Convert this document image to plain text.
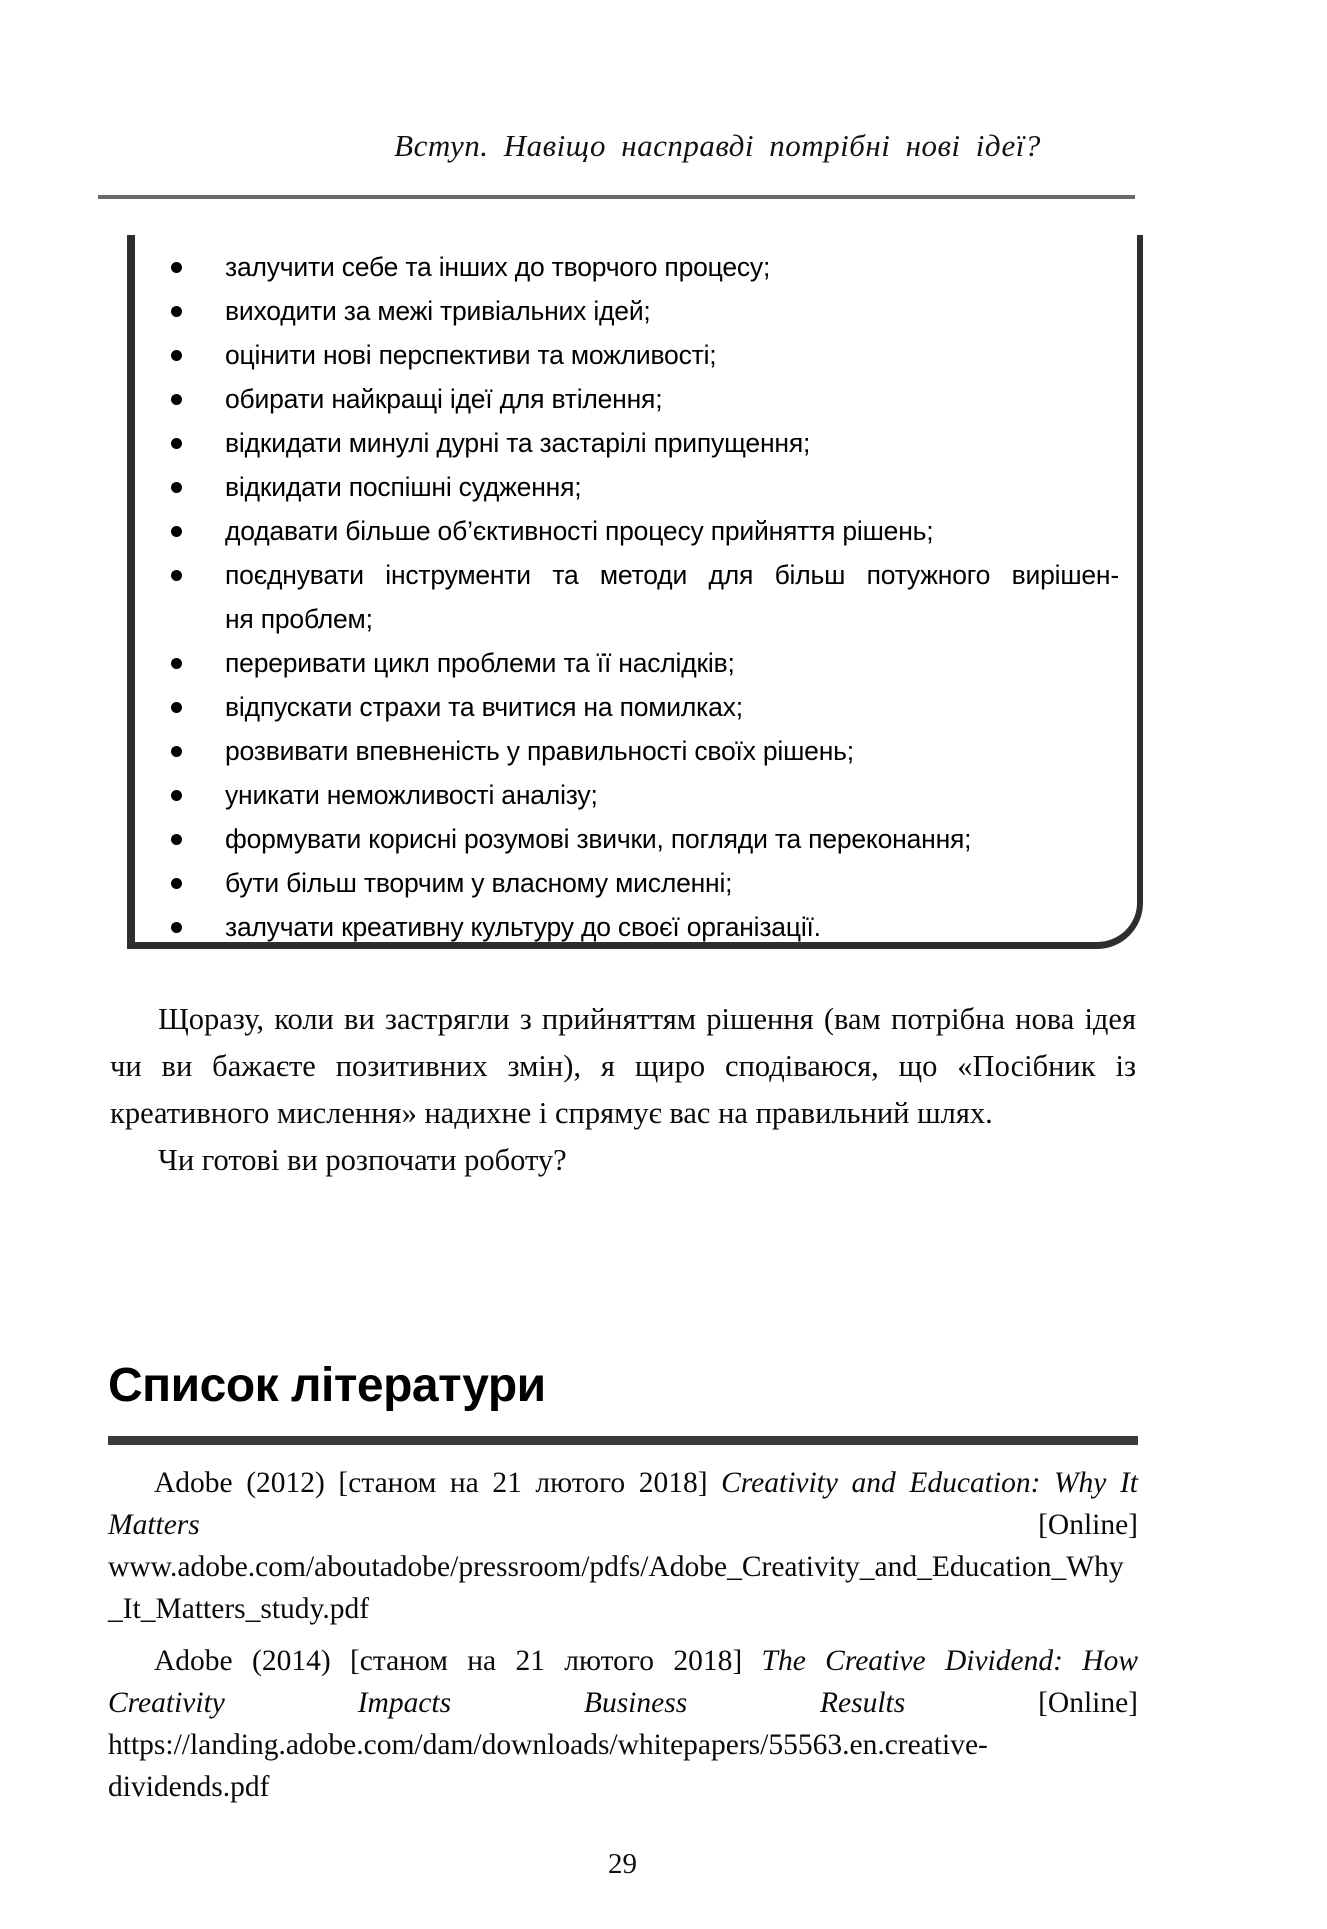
Вступ. Навіщо насправді потрібні нові ідеї?
залучити себе та інших до творчого процесу;
виходити за межі тривіальних ідей;
оцінити нові перспективи та можливості;
обирати найкращі ідеї для втілення;
відкидати минулі дурні та застарілі припущення;
відкидати поспішні судження;
додавати більше об’єктивності процесу прийняття рішень;
поєднувати інструменти та методи для більш потужного вирішен-
ня проблем;
переривати цикл проблеми та її наслідків;
відпускати страхи та вчитися на помилках;
розвивати впевненість у правильності своїх рішень;
уникати неможливості аналізу;
формувати корисні розумові звички, погляди та переконання;
бути більш творчим у власному мисленні;
залучати креативну культуру до своєї організації.

Щоразу, коли ви застрягли з прийняттям рішення (вам потрібна нова ідея чи ви бажаєте позитивних змін), я щиро сподіваюся, що «Посібник із креативного мислення» надихне і спрямує вас на правильний шлях.

Чи готові ви розпочати роботу?

Список літератури

Adobe (2012) [станом на 21 лютого 2018] Creativity and Education: Why It Matters [Online] www.adobe.com/aboutadobe/pressroom/pdfs/Adobe_Creativity_and_Education_Why_It_Matters_study.pdf

Adobe (2014) [станом на 21 лютого 2018] The Creative Dividend: How Creativity Impacts Business Results [Online] https://landing.adobe.com/dam/downloads/whitepapers/55563.en.creative-dividends.pdf

29
